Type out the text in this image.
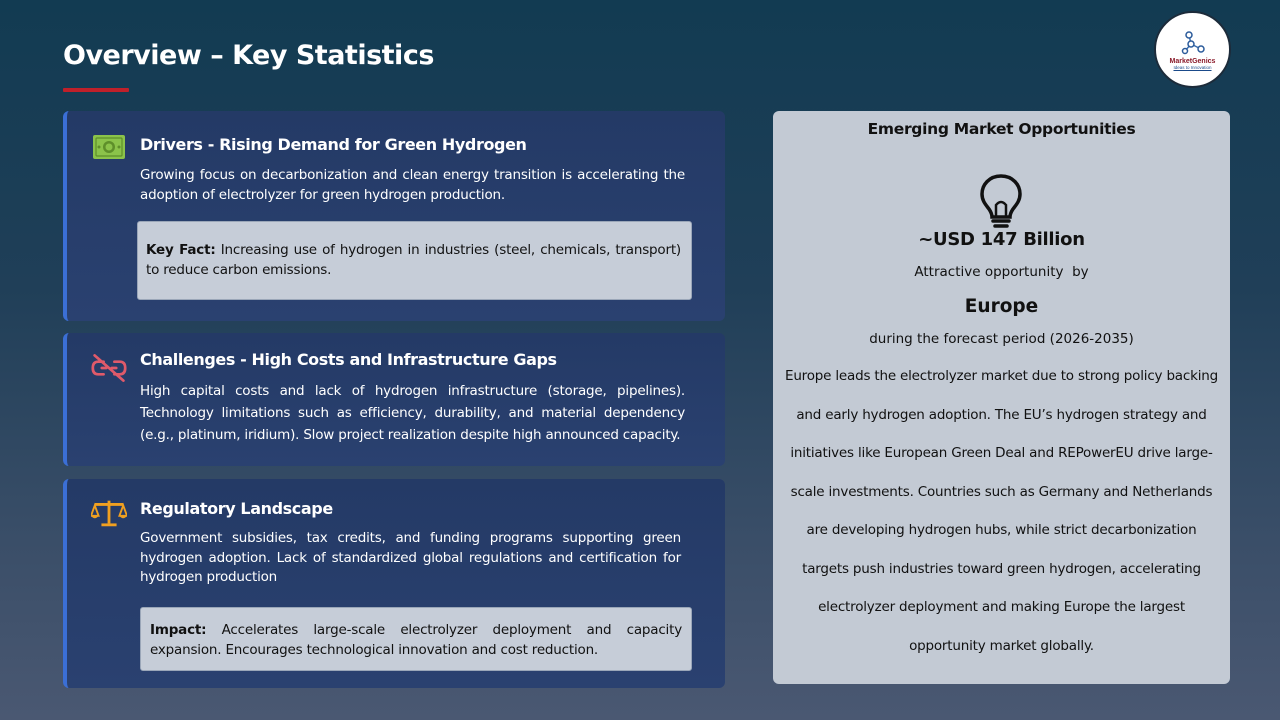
Overview – Key Statistics	MarketGenics
Ideas to Innovation
Drivers - Rising Demand for Green Hydrogen
Growing focus on decarbonization and clean energy transition is accelerating the adoption of electrolyzer for green hydrogen production.
Key Fact: Increasing use of hydrogen in industries (steel, chemicals, transport) to reduce carbon emissions.
Challenges - High Costs and Infrastructure Gaps
High capital costs and lack of hydrogen infrastructure (storage, pipelines). Technology limitations such as efficiency, durability, and material dependency (e.g., platinum, iridium). Slow project realization despite high announced capacity.
Regulatory Landscape
Government subsidies, tax credits, and funding programs supporting green hydrogen adoption. Lack of standardized global regulations and certification for hydrogen production
Impact: Accelerates large-scale electrolyzer deployment and capacity expansion. Encourages technological innovation and cost reduction.
Emerging Market Opportunities
~USD 147 Billion
Attractive opportunity  by
Europe
during the forecast period (2026-2035)
Europe leads the electrolyzer market due to strong policy backing and early hydrogen adoption. The EU’s hydrogen strategy and initiatives like European Green Deal and REPowerEU drive large-scale investments. Countries such as Germany and Netherlands are developing hydrogen hubs, while strict decarbonization targets push industries toward green hydrogen, accelerating electrolyzer deployment and making Europe the largest opportunity market globally.
